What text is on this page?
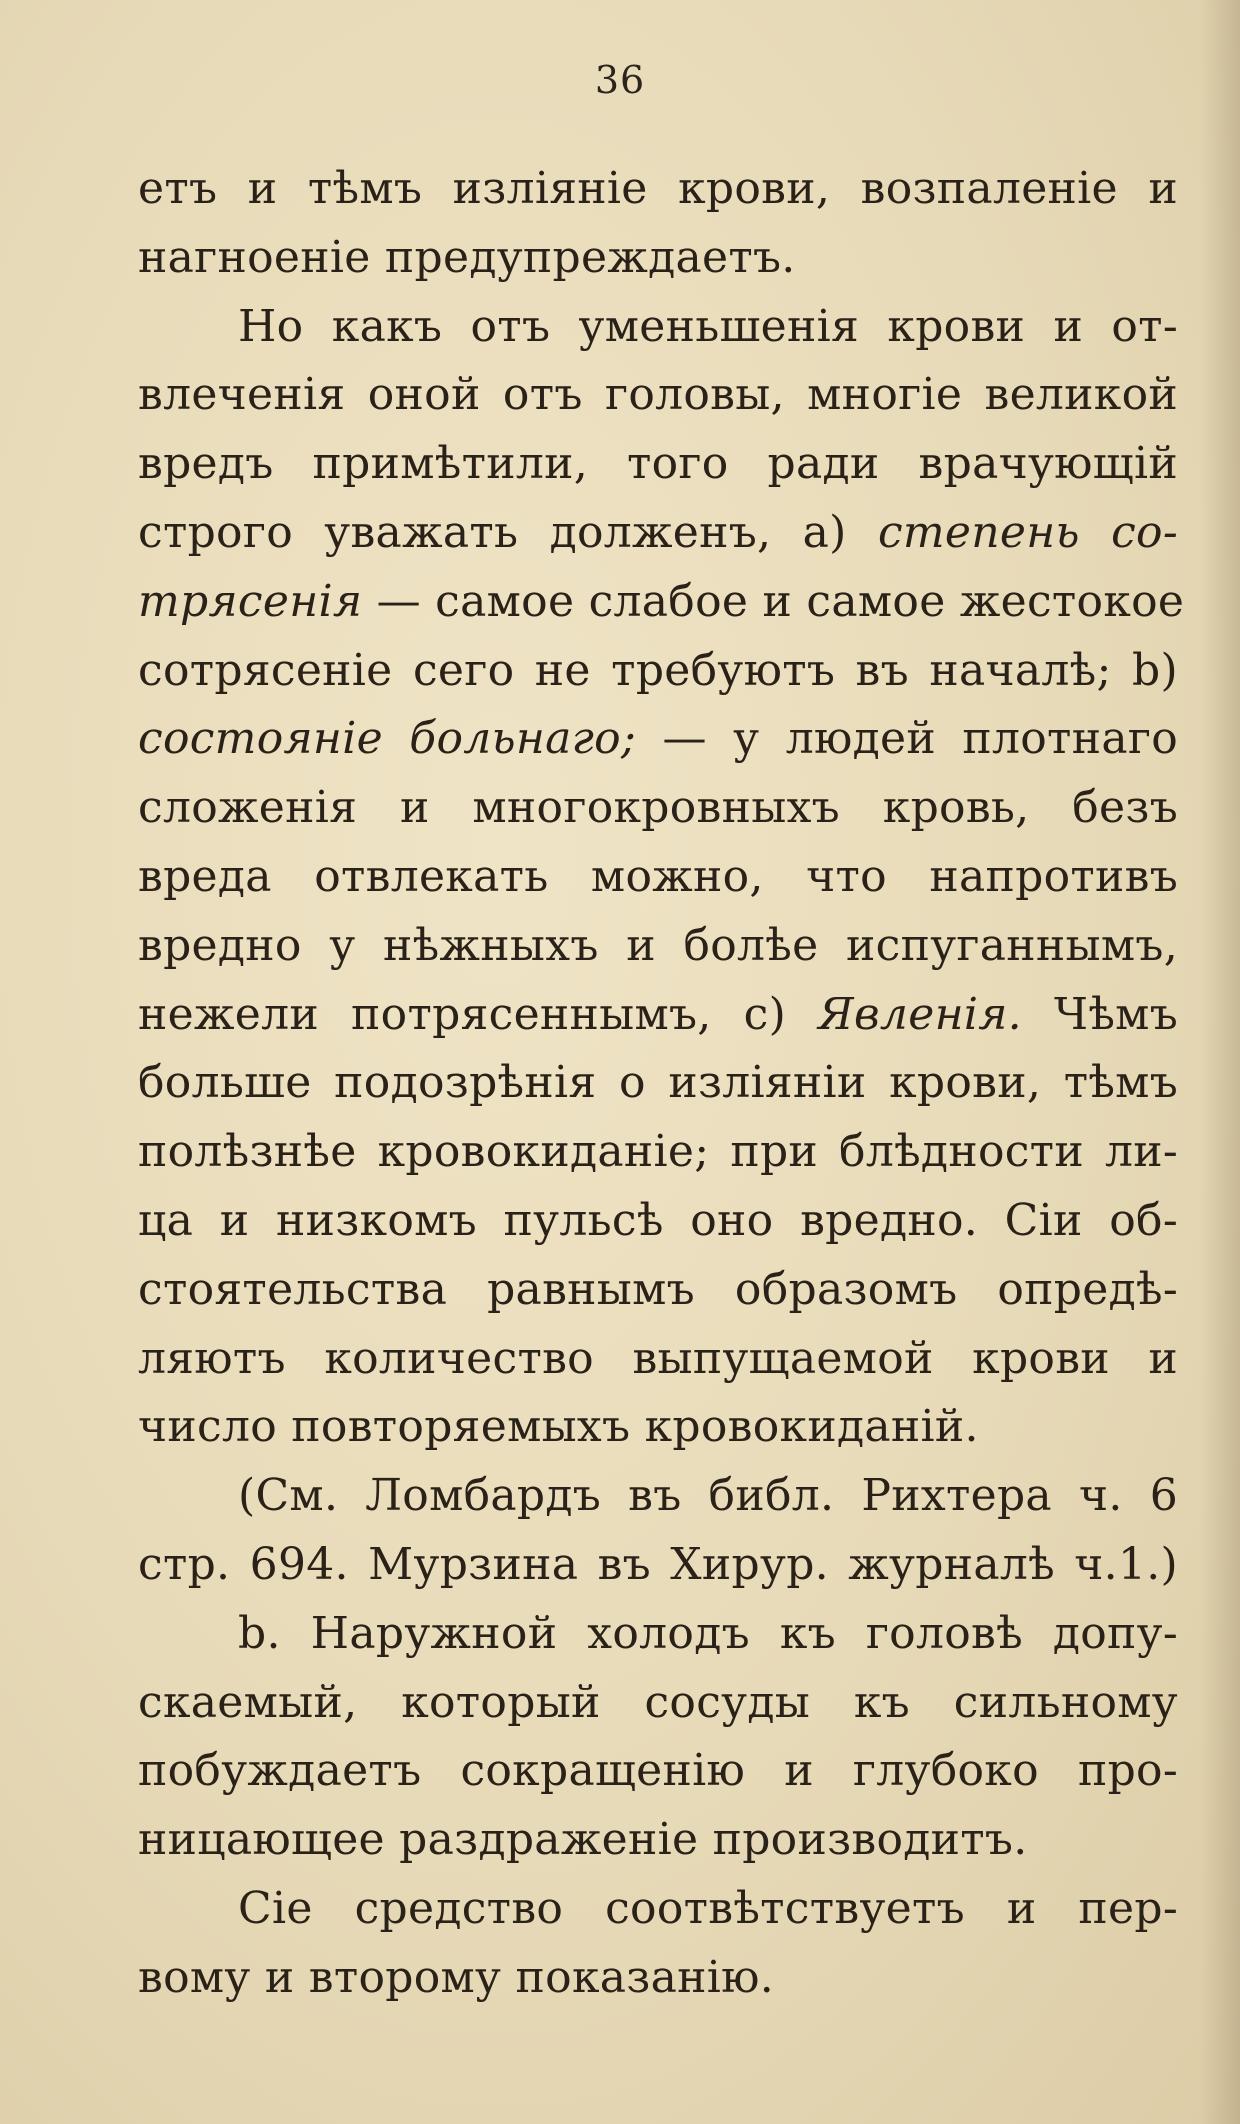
36
етъ и тѣмъ изліяніе крови, возпаленіе и
нагноеніе предупреждаетъ.
Но какъ отъ уменьшенія крови и от-
влеченія оной отъ головы, многіе великой
вредъ примѣтили, того ради врачующій
строго уважать долженъ, а) степень со-
трясенія — самое слабое и самое жестокое
сотрясеніе сего не требуютъ въ началѣ; b)
состояніе больнаго; — у людей плотнаго
сложенія и многокровныхъ кровь, безъ
вреда отвлекать можно, что напротивъ
вредно у нѣжныхъ и болѣе испуганнымъ,
нежели потрясеннымъ, с) Явленія. Чѣмъ
больше подозрѣнія о изліяніи крови, тѣмъ
полѣзнѣе кровокиданіе; при блѣдности ли-
ца и низкомъ пульсѣ оно вредно. Сіи об-
стоятельства равнымъ образомъ опредѣ-
ляютъ количество выпущаемой крови и
число повторяемыхъ кровокиданій.
(См. Ломбардъ въ библ. Рихтера ч. 6
стр. 694. Мурзина въ Хирур. журналѣ ч.1.)
b. Наружной холодъ къ головѣ допу-
скаемый, который сосуды къ сильному
побуждаетъ сокращенію и глубоко про-
ницающее раздраженіе производитъ.
Сіе средство соотвѣтствуетъ и пер-
вому и второму показанію.
